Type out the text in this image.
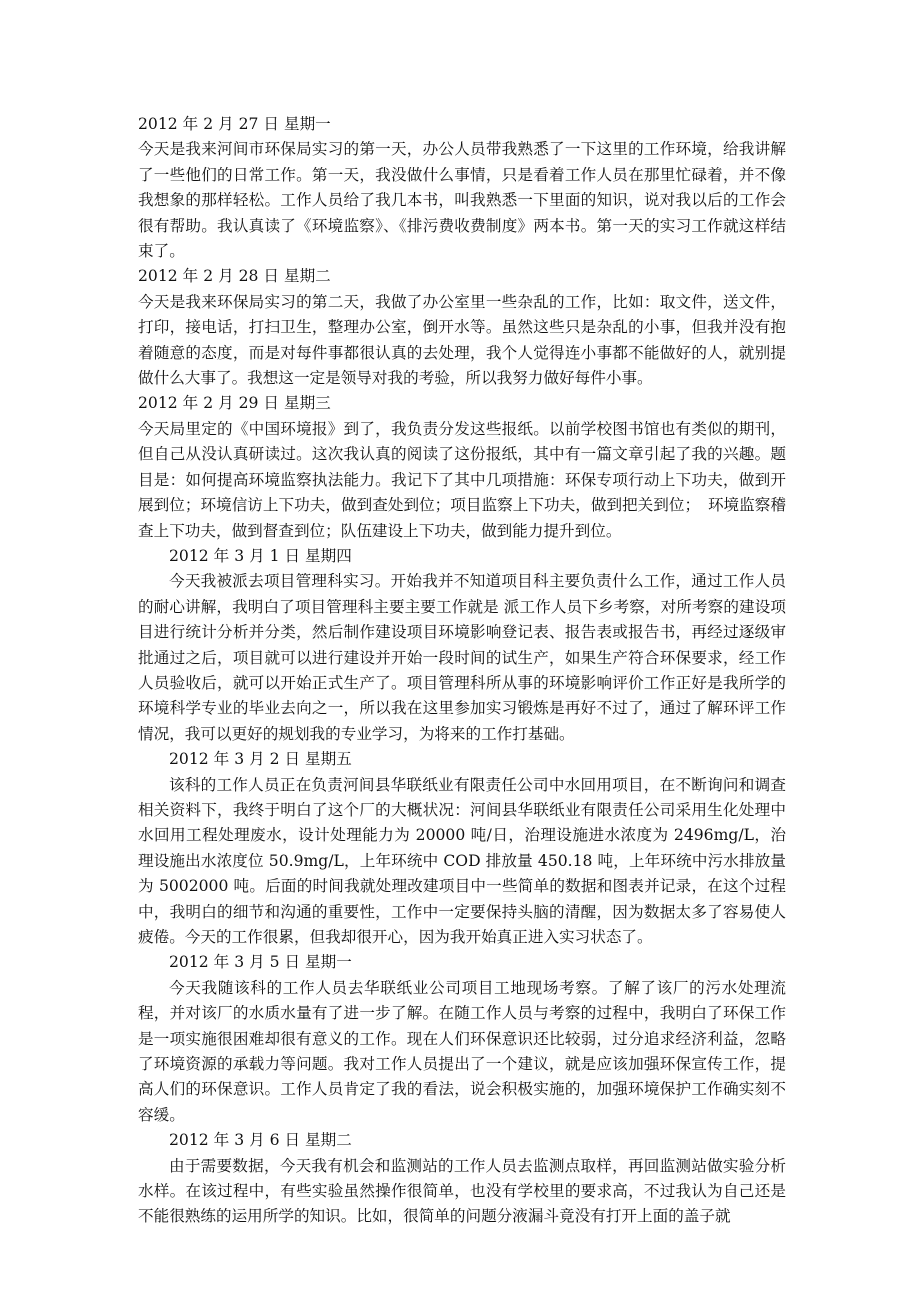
2012 年 2 月 27 日 星期一

今天是我来河间市环保局实习的第一天，办公人员带我熟悉了一下这里的工作环境，给我讲解了一些他们的日常工作。第一天，我没做什么事情，只是看着工作人员在那里忙碌着，并不像我想象的那样轻松。工作人员给了我几本书，叫我熟悉一下里面的知识，说对我以后的工作会很有帮助。我认真读了《环境监察》、《排污费收费制度》两本书。第一天的实习工作就这样结束了。

2012 年 2 月 28 日 星期二

今天是我来环保局实习的第二天，我做了办公室里一些杂乱的工作，比如：取文件，送文件，打印，接电话，打扫卫生，整理办公室，倒开水等。虽然这些只是杂乱的小事，但我并没有抱着随意的态度，而是对每件事都很认真的去处理，我个人觉得连小事都不能做好的人，就别提做什么大事了。我想这一定是领导对我的考验，所以我努力做好每件小事。

2012 年 2 月 29 日 星期三

今天局里定的《中国环境报》到了，我负责分发这些报纸。以前学校图书馆也有类似的期刊，但自己从没认真研读过。这次我认真的阅读了这份报纸，其中有一篇文章引起了我的兴趣。题目是：如何提高环境监察执法能力。我记下了其中几项措施：环保专项行动上下功夫，做到开展到位；环境信访上下功夫，做到查处到位；项目监察上下功夫，做到把关到位；　环境监察稽查上下功夫，做到督查到位；队伍建设上下功夫，做到能力提升到位。

2012 年 3 月 1 日 星期四

今天我被派去项目管理科实习。开始我并不知道项目科主要负责什么工作，通过工作人员的耐心讲解，我明白了项目管理科主要主要工作就是 派工作人员下乡考察，对所考察的建设项目进行统计分析并分类，然后制作建设项目环境影响登记表、报告表或报告书，再经过逐级审批通过之后，项目就可以进行建设并开始一段时间的试生产，如果生产符合环保要求，经工作人员验收后，就可以开始正式生产了。项目管理科所从事的环境影响评价工作正好是我所学的环境科学专业的毕业去向之一，所以我在这里参加实习锻炼是再好不过了，通过了解环评工作情况，我可以更好的规划我的专业学习，为将来的工作打基础。

2012 年 3 月 2 日 星期五

该科的工作人员正在负责河间县华联纸业有限责任公司中水回用项目，在不断询问和调查相关资料下，我终于明白了这个厂的大概状况：河间县华联纸业有限责任公司采用生化处理中水回用工程处理废水，设计处理能力为 20000 吨/日，治理设施进水浓度为 2496mg/L，治理设施出水浓度位 50.9mg/L，上年环统中 COD 排放量 450.18 吨，上年环统中污水排放量为 5002000 吨。后面的时间我就处理改建项目中一些简单的数据和图表并记录，在这个过程中，我明白的细节和沟通的重要性，工作中一定要保持头脑的清醒，因为数据太多了容易使人疲倦。今天的工作很累，但我却很开心，因为我开始真正进入实习状态了。

2012 年 3 月 5 日 星期一

今天我随该科的工作人员去华联纸业公司项目工地现场考察。了解了该厂的污水处理流程，并对该厂的水质水量有了进一步了解。在随工作人员与考察的过程中，我明白了环保工作是一项实施很困难却很有意义的工作。现在人们环保意识还比较弱，过分追求经济利益，忽略了环境资源的承载力等问题。我对工作人员提出了一个建议，就是应该加强环保宣传工作，提高人们的环保意识。工作人员肯定了我的看法，说会积极实施的，加强环境保护工作确实刻不容缓。

2012 年 3 月 6 日 星期二

由于需要数据，今天我有机会和监测站的工作人员去监测点取样，再回监测站做实验分析水样。在该过程中，有些实验虽然操作很简单，也没有学校里的要求高，不过我认为自己还是不能很熟练的运用所学的知识。比如，很简单的问题分液漏斗竟没有打开上面的盖子就
